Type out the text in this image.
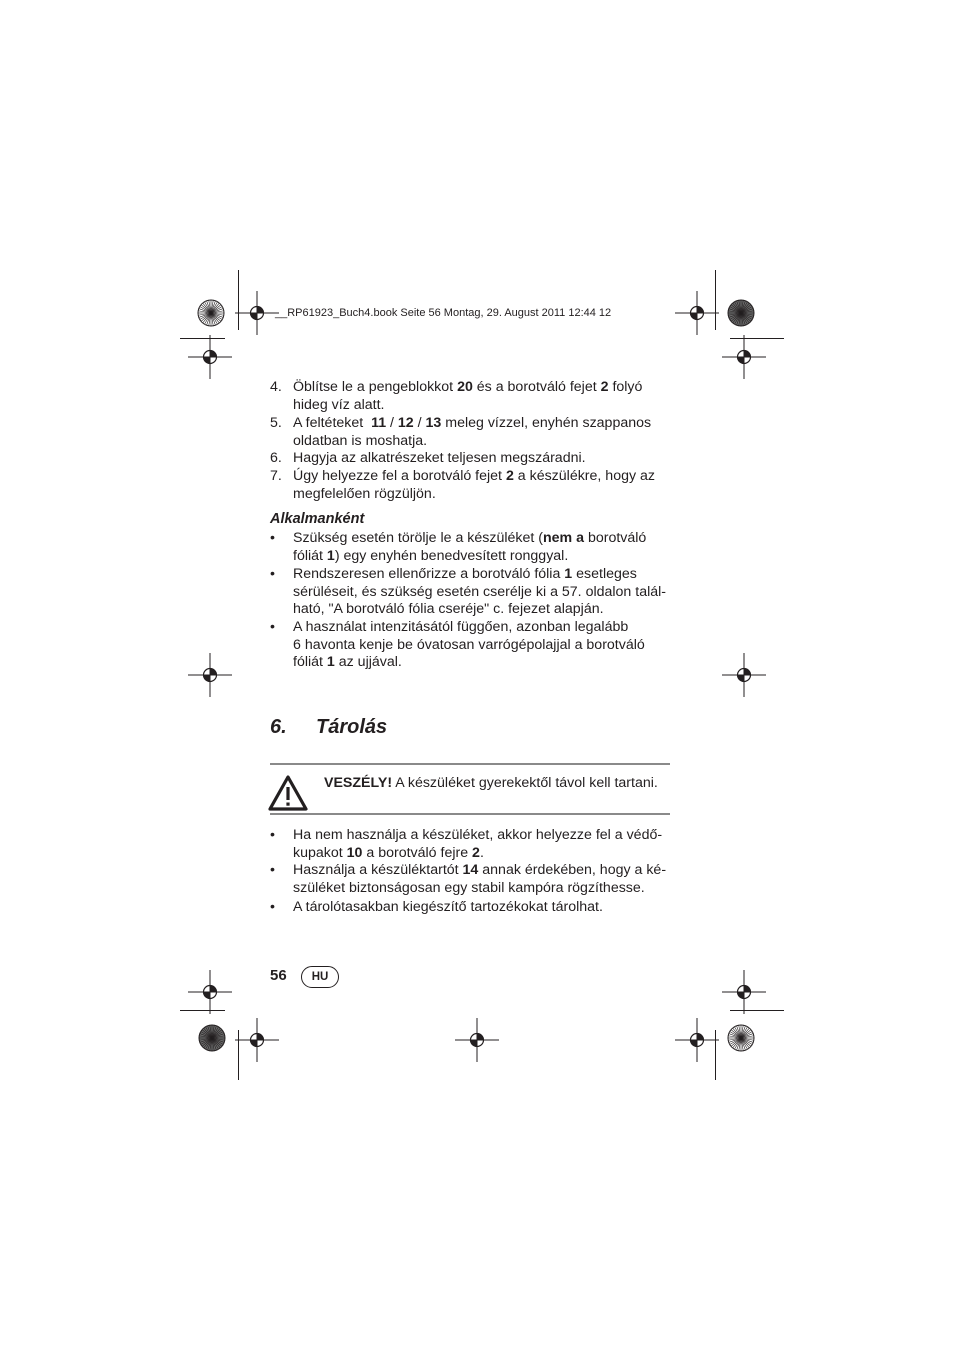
__RP61923_Buch4.book Seite 56 Montag, 29. August 2011 12:44 12
4. Öblítse le a pengeblokkot 20 és a borotváló fejet 2 folyó
hideg víz alatt.
5. A feltéteket  11 / 12 / 13 meleg vízzel, enyhén szappanos
oldatban is moshatja.
6. Hagyja az alkatrészeket teljesen megszáradni.
7. Úgy helyezze fel a borotváló fejet 2 a készülékre, hogy az
megfelelően rögzüljön.
Alkalmanként
•	Szükség esetén törölje le a készüléket (nem a borotváló
fóliát 1) egy enyhén benedvesített ronggyal.
•	Rendszeresen ellenőrizze a borotváló fólia 1 esetleges
sérüléseit, és szükség esetén cserélje ki a 57. oldalon talál-
ható, "A borotváló fólia cseréje" c. fejezet alapján.
•	A használat intenzitásától függően, azonban legalább
6 havonta kenje be óvatosan varrógépolajjal a borotváló
fóliát 1 az ujjával.
6. Tárolás
VESZÉLY! A készüléket gyerekektől távol kell tartani.
•	Ha nem használja a készüléket, akkor helyezze fel a védő-
kupakot 10 a borotváló fejre 2.
•	Használja a készüléktartót 14 annak érdekében, hogy a ké-
szüléket biztonságosan egy stabil kampóra rögzíthesse.
•	A tárolótasakban kiegészítő tartozékokat tárolhat.
56	HU
